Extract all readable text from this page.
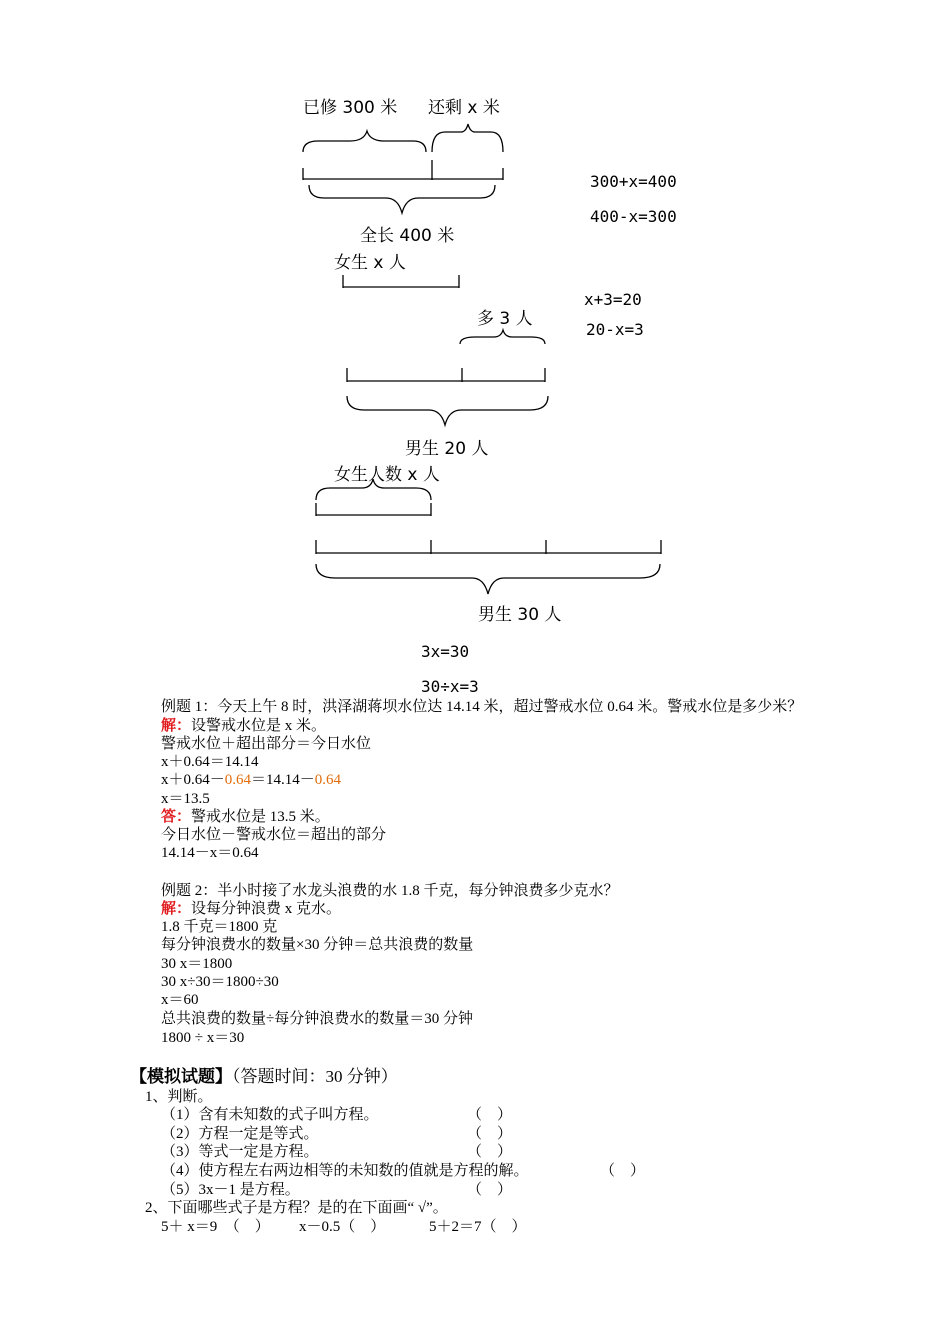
已修 300 米 还剩 x 米
全长 400 米
300+x=400
400-x=300
女生 x 人
多 3 人
男生 20 人
x+3=20
20-x=3
女生人数 x 人
男生 30 人
3x=30
30÷x=3
例题 1：今天上午 8 时，洪泽湖蒋坝水位达 14.14 米，超过警戒水位 0.64 米。警戒水位是多少米？
解：设警戒水位是 x 米。
警戒水位＋超出部分＝今日水位
x＋0.64＝14.14
x＋0.64－0.64＝14.14－0.64
x＝13.5
答：警戒水位是 13.5 米。
今日水位－警戒水位＝超出的部分
14.14－x＝0.64
例题 2：半小时接了水龙头浪费的水 1.8 千克，每分钟浪费多少克水？
解：设每分钟浪费 x 克水。
1.8 千克＝1800 克
每分钟浪费水的数量×30 分钟＝总共浪费的数量
30 x＝1800
30 x÷30＝1800÷30
x＝60
总共浪费的数量÷每分钟浪费水的数量＝30 分钟
1800 ÷ x＝30
【模拟试题】（答题时间：30 分钟）
1、判断。
（1）含有未知数的式子叫方程。	（　）
（2）方程一定是等式。	（　）
（3）等式一定是方程。	（　）
（4）使方程左右两边相等的未知数的值就是方程的解。	（　）
（5）3x－1 是方程。	（　）
2、下面哪些式子是方程？是的在下面画“ √”。
5＋ x＝9　（　） x－0.5（　）	5＋2＝7（　）
